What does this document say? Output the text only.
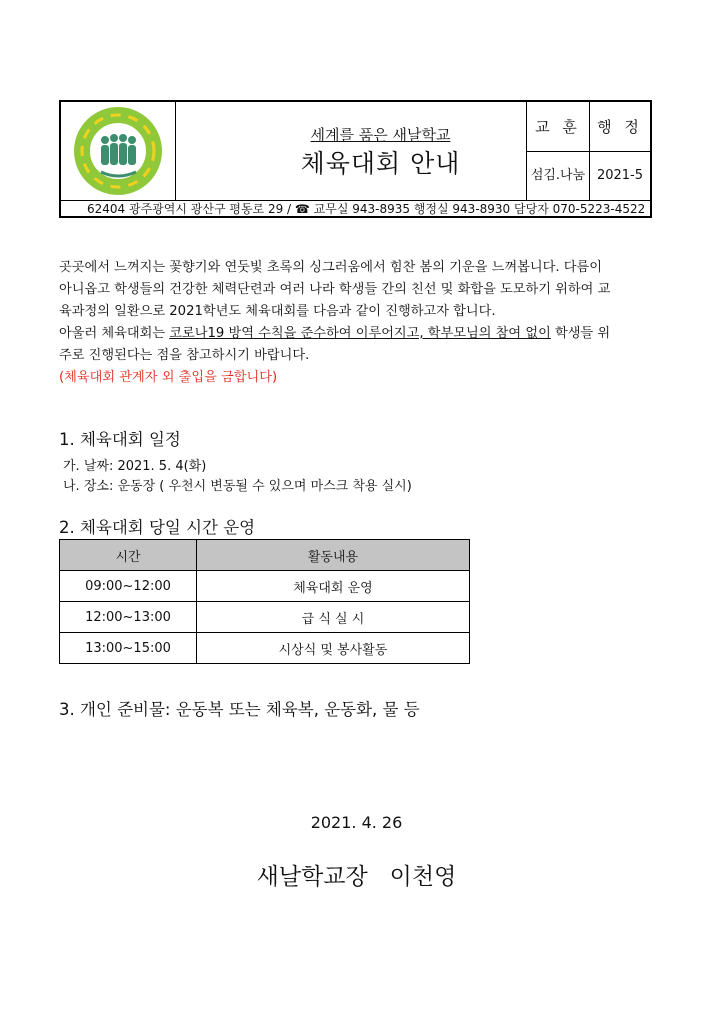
세계를 품은 새날학교
체육대회 안내
교 훈	행 정
섬김.나눔 2021-5
62404 광주광역시 광산구 평동로 29 / ☎ 교무실 943-8935 행정실 943-8930 담당자 070-5223-4522

곳곳에서 느껴지는 꽃향기와 연둣빛 초록의 싱그러움에서 힘찬 봄의 기운을 느껴봅니다. 다름이 아니옵고 학생들의 건강한 체력단련과 여러 나라 학생들 간의 친선 및 화합을 도모하기 위하여 교육과정의 일환으로 2021학년도 체육대회를 다음과 같이 진행하고자 합니다.

아울러 체육대회는 코로나19 방역 수칙을 준수하여 이루어지고, 학부모님의 참여 없이 학생들 위주로 진행된다는 점을 참고하시기 바랍니다.

(체육대회 관계자 외 출입을 금합니다)

1. 체육대회 일정
가. 날짜: 2021. 5. 4(화)
나. 장소: 운동장 ( 우천시 변동될 수 있으며 마스크 착용 실시)
2. 체육대회 당일 시간 운영
시간	활동내용
09:00~12:00	체육대회 운영
12:00~13:00	급 식 실 시
13:00~15:00	시상식 및 봉사활동
3. 개인 준비물: 운동복 또는 체육복, 운동화, 물 등
2021. 4. 26
새날학교장   이천영
